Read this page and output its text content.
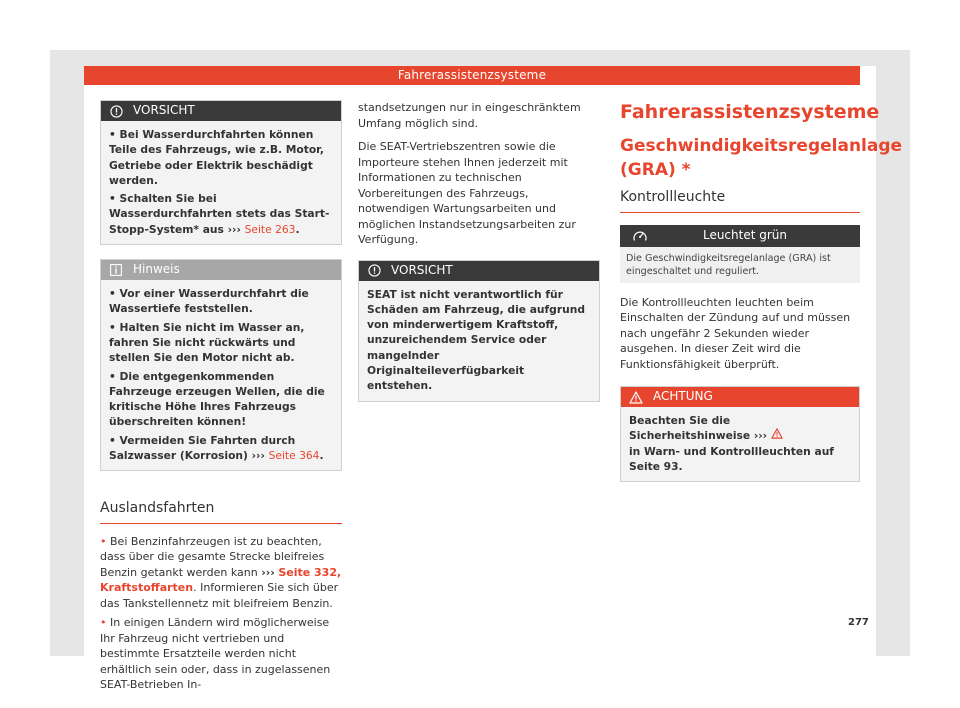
Fahrerassistenzsysteme
VORSICHT

• Bei Wasserdurchfahrten können Teile des Fahrzeugs, wie z.B. Motor, Getriebe oder Elektrik beschädigt werden.

• Schalten Sie bei Wasserdurchfahrten stets das Start-Stopp-System* aus ››› Seite 263.

Hinweis

• Vor einer Wasserdurchfahrt die Wassertiefe feststellen.

• Halten Sie nicht im Wasser an, fahren Sie nicht rückwärts und stellen Sie den Motor nicht ab.

• Die entgegenkommenden Fahrzeuge erzeugen Wellen, die die kritische Höhe Ihres Fahrzeugs überschreiten können!

• Vermeiden Sie Fahrten durch Salzwasser (Korrosion) ››› Seite 364.

Auslandsfahrten

• Bei Benzinfahrzeugen ist zu beachten, dass über die gesamte Strecke bleifreies Benzin getankt werden kann ››› Seite 332, Kraftstoffarten. Informieren Sie sich über das Tankstellennetz mit bleifreiem Benzin.

• In einigen Ländern wird möglicherweise Ihr Fahrzeug nicht vertrieben und bestimmte Ersatzteile werden nicht erhältlich sein oder, dass in zugelassenen SEAT-Betrieben In-

standsetzungen nur in eingeschränktem Umfang möglich sind.

Die SEAT-Vertriebszentren sowie die Importeure stehen Ihnen jederzeit mit Informationen zu technischen Vorbereitungen des Fahrzeugs, notwendigen Wartungsarbeiten und möglichen Instandsetzungsarbeiten zur Verfügung.

VORSICHT
SEAT ist nicht verantwortlich für Schäden am Fahrzeug, die aufgrund von minderwertigem Kraftstoff, unzureichendem Service oder mangelnder Originalteileverfügbarkeit entstehen.
Fahrerassistenzsysteme
Geschwindigkeitsregelanlage (GRA) *
Kontrollleuchte
Leuchtet grün
Die Geschwindigkeitsregelanlage (GRA) ist eingeschaltet und reguliert.

Die Kontrollleuchten leuchten beim Einschalten der Zündung auf und müssen nach ungefähr 2 Sekunden wieder ausgehen. In dieser Zeit wird die Funktionsfähigkeit überprüft.

ACHTUNG
Beachten Sie die Sicherheitshinweise ›››
in Warn- und Kontrollleuchten auf Seite 93.
277
